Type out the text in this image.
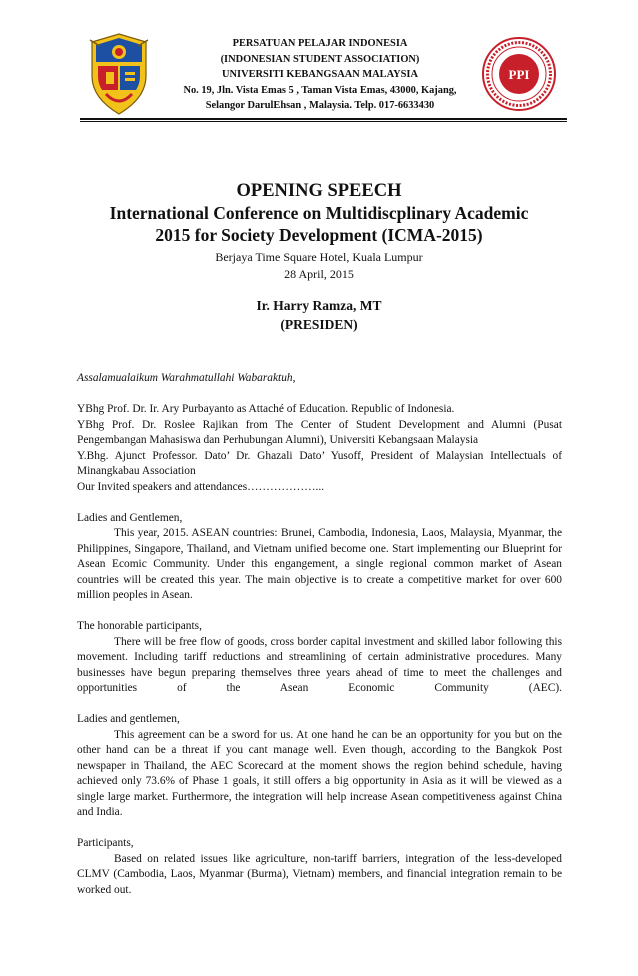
PERSATUAN PELAJAR INDONESIA
(INDONESIAN STUDENT ASSOCIATION)
UNIVERSITI KEBANGSAAN MALAYSIA
No. 19, Jln. Vista Emas 5 , Taman Vista Emas, 43000, Kajang,
Selangor DarulEhsan , Malaysia. Telp. 017-6633430
PPI
OPENING SPEECH
International Conference on Multidiscplinary Academic
2015 for Society Development (ICMA-2015)
Berjaya Time Square Hotel, Kuala Lumpur
28 April, 2015
Ir. Harry Ramza, MT
(PRESIDEN)

Assalamualaikum Warahmatullahi Wabaraktuh,

YBhg Prof. Dr. Ir. Ary Purbayanto as Attaché of Education. Republic of Indonesia.

YBhg Prof. Dr. Roslee Rajikan from The Center of Student Development and Alumni (Pusat Pengembangan Mahasiswa dan Perhubungan Alumni), Universiti Kebangsaan Malaysia

Y.Bhg. Ajunct Professor. Dato’ Dr. Ghazali Dato’ Yusoff, President of Malaysian Intellectuals of Minangkabau Association

Our Invited speakers and attendances………………...

Ladies and Gentlemen,

This year, 2015. ASEAN countries: Brunei, Cambodia, Indonesia, Laos, Malaysia, Myanmar, the Philippines, Singapore, Thailand, and Vietnam unified become one. Start implementing our Blueprint for Asean Ecomic Community. Under this engangement, a single regional common market of Asean countries will be created this year. The main objective is to create a competitive market for over 600 million peoples in Asean.

The honorable participants,

There will be free flow of goods, cross border capital investment and skilled labor following this movement. Including tariff reductions and streamlining of certain administrative procedures. Many businesses have begun preparing themselves three years ahead of time to meet the challenges and opportunities of the Asean Economic Community (AEC).

Ladies and gentlemen,

This agreement can be a sword for us. At one hand he can be an opportunity for you but on the other hand can be a threat if you cant manage well. Even though, according to the Bangkok Post newspaper in Thailand, the AEC Scorecard at the moment shows the region behind schedule, having achieved only 73.6% of Phase 1 goals, it still offers a big opportunity in Asia as it will be viewed as a single large market. Furthermore, the integration will help increase Asean competitiveness against China and India.

Participants,

Based on related issues like agriculture, non-tariff barriers, integration of the less-developed CLMV (Cambodia, Laos, Myanmar (Burma), Vietnam) members, and financial integration remain to be worked out.
